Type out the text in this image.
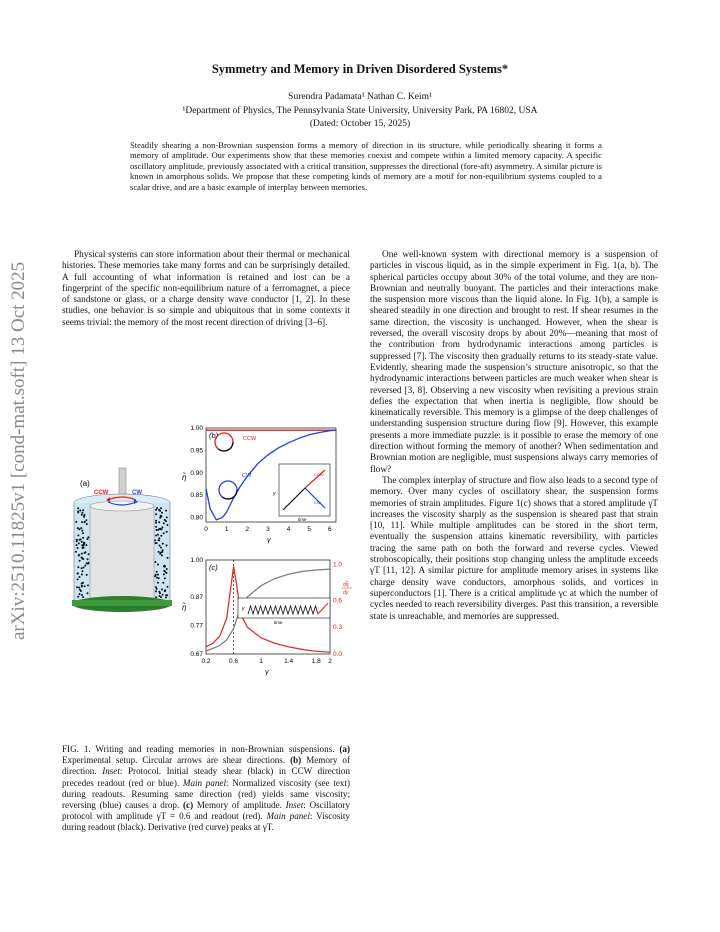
arXiv:2510.11825v1 [cond-mat.soft] 13 Oct 2025
Symmetry and Memory in Driven Disordered Systems*
Surendra Padamata¹ Nathan C. Keim¹
¹Department of Physics, The Pennsylvania State University, University Park, PA 16802, USA
(Dated: October 15, 2025)
Steadily shearing a non-Brownian suspension forms a memory of direction in its structure, while periodically shearing it forms a memory of amplitude. Our experiments show that these memories coexist and compete within a limited memory capacity. A specific oscillatory amplitude, previously associated with a critical transition, suppresses the directional (fore-aft) asymmetry. A similar picture is known in amorphous solids. We propose that these competing kinds of memory are a motif for non-equilibrium systems coupled to a scalar drive, and are a basic example of interplay between memories.

Physical systems can store information about their thermal or mechanical histories. These memories take many forms and can be surprisingly detailed. A full accounting of what information is retained and lost can be a fingerprint of the specific non-equilibrium nature of a ferromagnet, a piece of sandstone or glass, or a charge density wave conductor [1, 2]. In these studies, one behavior is so simple and ubiquitous that in some contexts it seems trivial: the memory of the most recent direction of driving [3–6].

(a)
CCW	CW
(b)
0	1	2	3	4	5	6
0.80
0.85
0.90
0.95
1.00
η̃
γ
CCW
CW
γ
time
CCW
CW
(c)
0.2	0.6	1	1.4	1.8 2
0.67
0.77
0.87
1.00
0.0
0.3
0.6
1.0
η̃
γ
dη̃
dγ
γ
time
FIG. 1. Writing and reading memories in non-Brownian suspensions. (a) Experimental setup. Circular arrows are shear directions. (b) Memory of direction. Inset: Protocol. Initial steady shear (black) in CCW direction precedes readout (red or blue). Main panel: Normalized viscosity (see text) during readouts. Resuming same direction (red) yields same viscosity; reversing (blue) causes a drop. (c) Memory of amplitude. Inset: Oscillatory protocol with amplitude γT = 0.6 and readout (red). Main panel: Viscosity during readout (black). Derivative (red curve) peaks at γT.

One well-known system with directional memory is a suspension of particles in viscous liquid, as in the simple experiment in Fig. 1(a, b). The spherical particles occupy about 30% of the total volume, and they are non-Brownian and neutrally buoyant. The particles and their interactions make the suspension more viscous than the liquid alone. In Fig. 1(b), a sample is sheared steadily in one direction and brought to rest. If shear resumes in the same direction, the viscosity is unchanged. However, when the shear is reversed, the overall viscosity drops by about 20%—meaning that most of the contribution from hydrodynamic interactions among particles is suppressed [7]. The viscosity then gradually returns to its steady-state value. Evidently, shearing made the suspension’s structure anisotropic, so that the hydrodynamic interactions between particles are much weaker when shear is reversed [3, 8]. Observing a new viscosity when revisiting a previous strain defies the expectation that when inertia is negligible, flow should be kinematically reversible. This memory is a glimpse of the deep challenges of understanding suspension structure during flow [9]. However, this example presents a more immediate puzzle: is it possible to erase the memory of one direction without forming the memory of another? When sedimentation and Brownian motion are negligible, must suspensions always carry memories of flow?

The complex interplay of structure and flow also leads to a second type of memory. Over many cycles of oscillatory shear, the suspension forms memories of strain amplitudes. Figure 1(c) shows that a stored amplitude γT increases the viscosity sharply as the suspension is sheared past that strain [10, 11]. While multiple amplitudes can be stored in the short term, eventually the suspension attains kinematic reversibility, with particles tracing the same path on both the forward and reverse cycles. Viewed stroboscopically, their positions stop changing unless the amplitude exceeds γT [11, 12]. A similar picture for amplitude memory arises in systems like charge density wave conductors, amorphous solids, and vortices in superconductors [1]. There is a critical amplitude γc at which the number of cycles needed to reach reversibility diverges. Past this transition, a reversible state is unreachable, and memories are suppressed.
